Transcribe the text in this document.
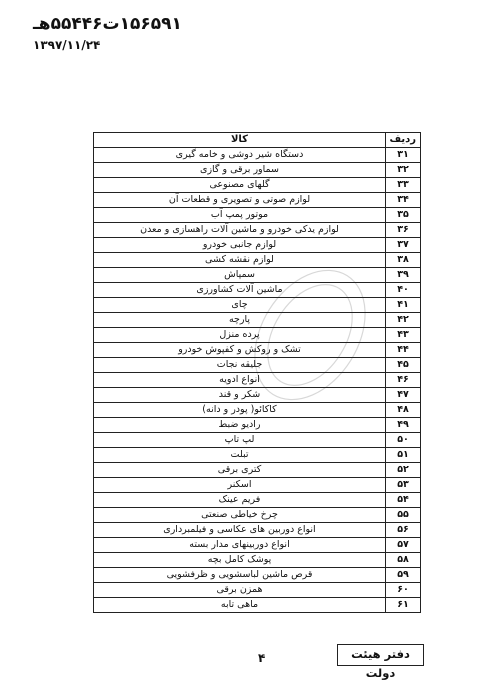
۱۵۶۵۹۱ت۵۵۴۴۶هـ
۱۳۹۷/۱۱/۲۴
ردیف	کالا
۳۱	دستگاه شیر دوشی و خامه گیری
۳۲	سماور برقی و گازی
۳۳	گلهای مصنوعی
۳۴	لوازم صوتی و تصویری و قطعات آن
۳۵	موتور پمپ آب
۳۶	لوازم یدکی خودرو و ماشین آلات راهسازی و معدن
۳۷	لوازم جانبی خودرو
۳۸	لوازم نقشه کشی
۳۹	سمپاش
۴۰	ماشین آلات کشاورزی
۴۱	چای
۴۲	پارچه
۴۳	پرده منزل
۴۴	تشک و روکش و کفپوش خودرو
۴۵	جلیقه نجات
۴۶	انواع ادویه
۴۷	شکر و قند
۴۸	کاکائو( پودر و دانه)
۴۹	رادیو ضبط
۵۰	لپ تاپ
۵۱	تبلت
۵۲	کتری برقی
۵۳	اسکنر
۵۴	فریم عینک
۵۵	چرخ خیاطی صنعتی
۵۶	انواع دوربین های عکاسی و فیلمبرداری
۵۷	انواع دوربینهای مدار بسته
۵۸	پوشک کامل بچه
۵۹	قرص ماشین لباسشویی و ظرفشویی
۶۰	همزن برقی
۶۱	ماهی تابه
۴	دفتر هیئت دولت
